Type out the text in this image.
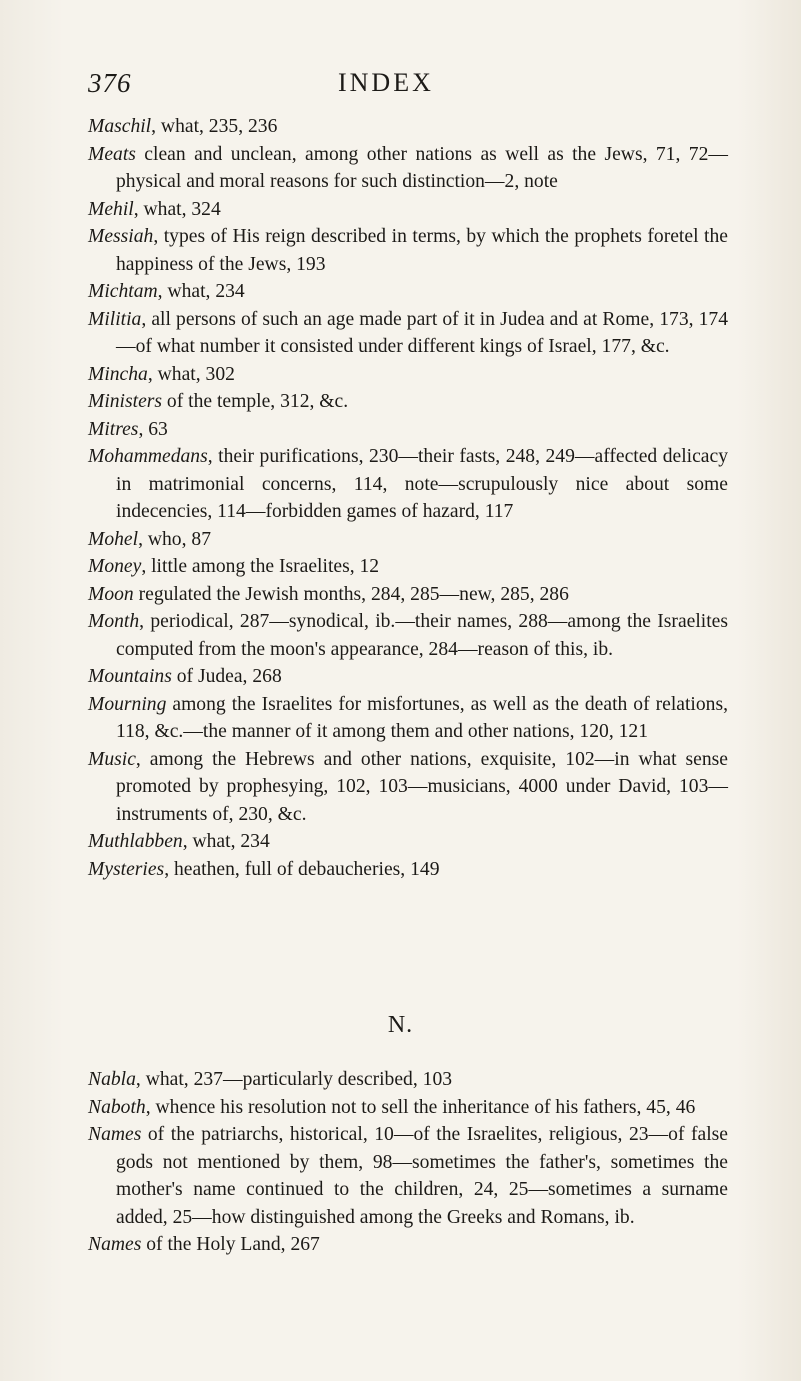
376	INDEX

Maschil, what, 235, 236

Meats clean and unclean, among other nations as well as the Jews, 71, 72—physical and moral reasons for such distinction—2, note

Mehil, what, 324

Messiah, types of His reign described in terms, by which the prophets foretel the happiness of the Jews, 193

Michtam, what, 234

Militia, all persons of such an age made part of it in Judea and at Rome, 173, 174—of what number it consisted under different kings of Israel, 177, &c.

Mincha, what, 302

Ministers of the temple, 312, &c.

Mitres, 63

Mohammedans, their purifications, 230—their fasts, 248, 249—affected delicacy in matrimonial concerns, 114, note—scrupulously nice about some indecencies, 114—forbidden games of hazard, 117

Mohel, who, 87

Money, little among the Israelites, 12

Moon regulated the Jewish months, 284, 285—new, 285, 286

Month, periodical, 287—synodical, ib.—their names, 288—among the Israelites computed from the moon's appearance, 284—reason of this, ib.

Mountains of Judea, 268

Mourning among the Israelites for misfortunes, as well as the death of relations, 118, &c.—the manner of it among them and other nations, 120, 121

Music, among the Hebrews and other nations, exquisite, 102—in what sense promoted by prophesying, 102, 103—musicians, 4000 under David, 103—instruments of, 230, &c.

Muthlabben, what, 234

Mysteries, heathen, full of debaucheries, 149

N.

Nabla, what, 237—particularly described, 103

Naboth, whence his resolution not to sell the inheritance of his fathers, 45, 46

Names of the patriarchs, historical, 10—of the Israelites, religious, 23—of false gods not mentioned by them, 98—sometimes the father's, sometimes the mother's name continued to the children, 24, 25—sometimes a surname added, 25—how distinguished among the Greeks and Romans, ib.

Names of the Holy Land, 267
